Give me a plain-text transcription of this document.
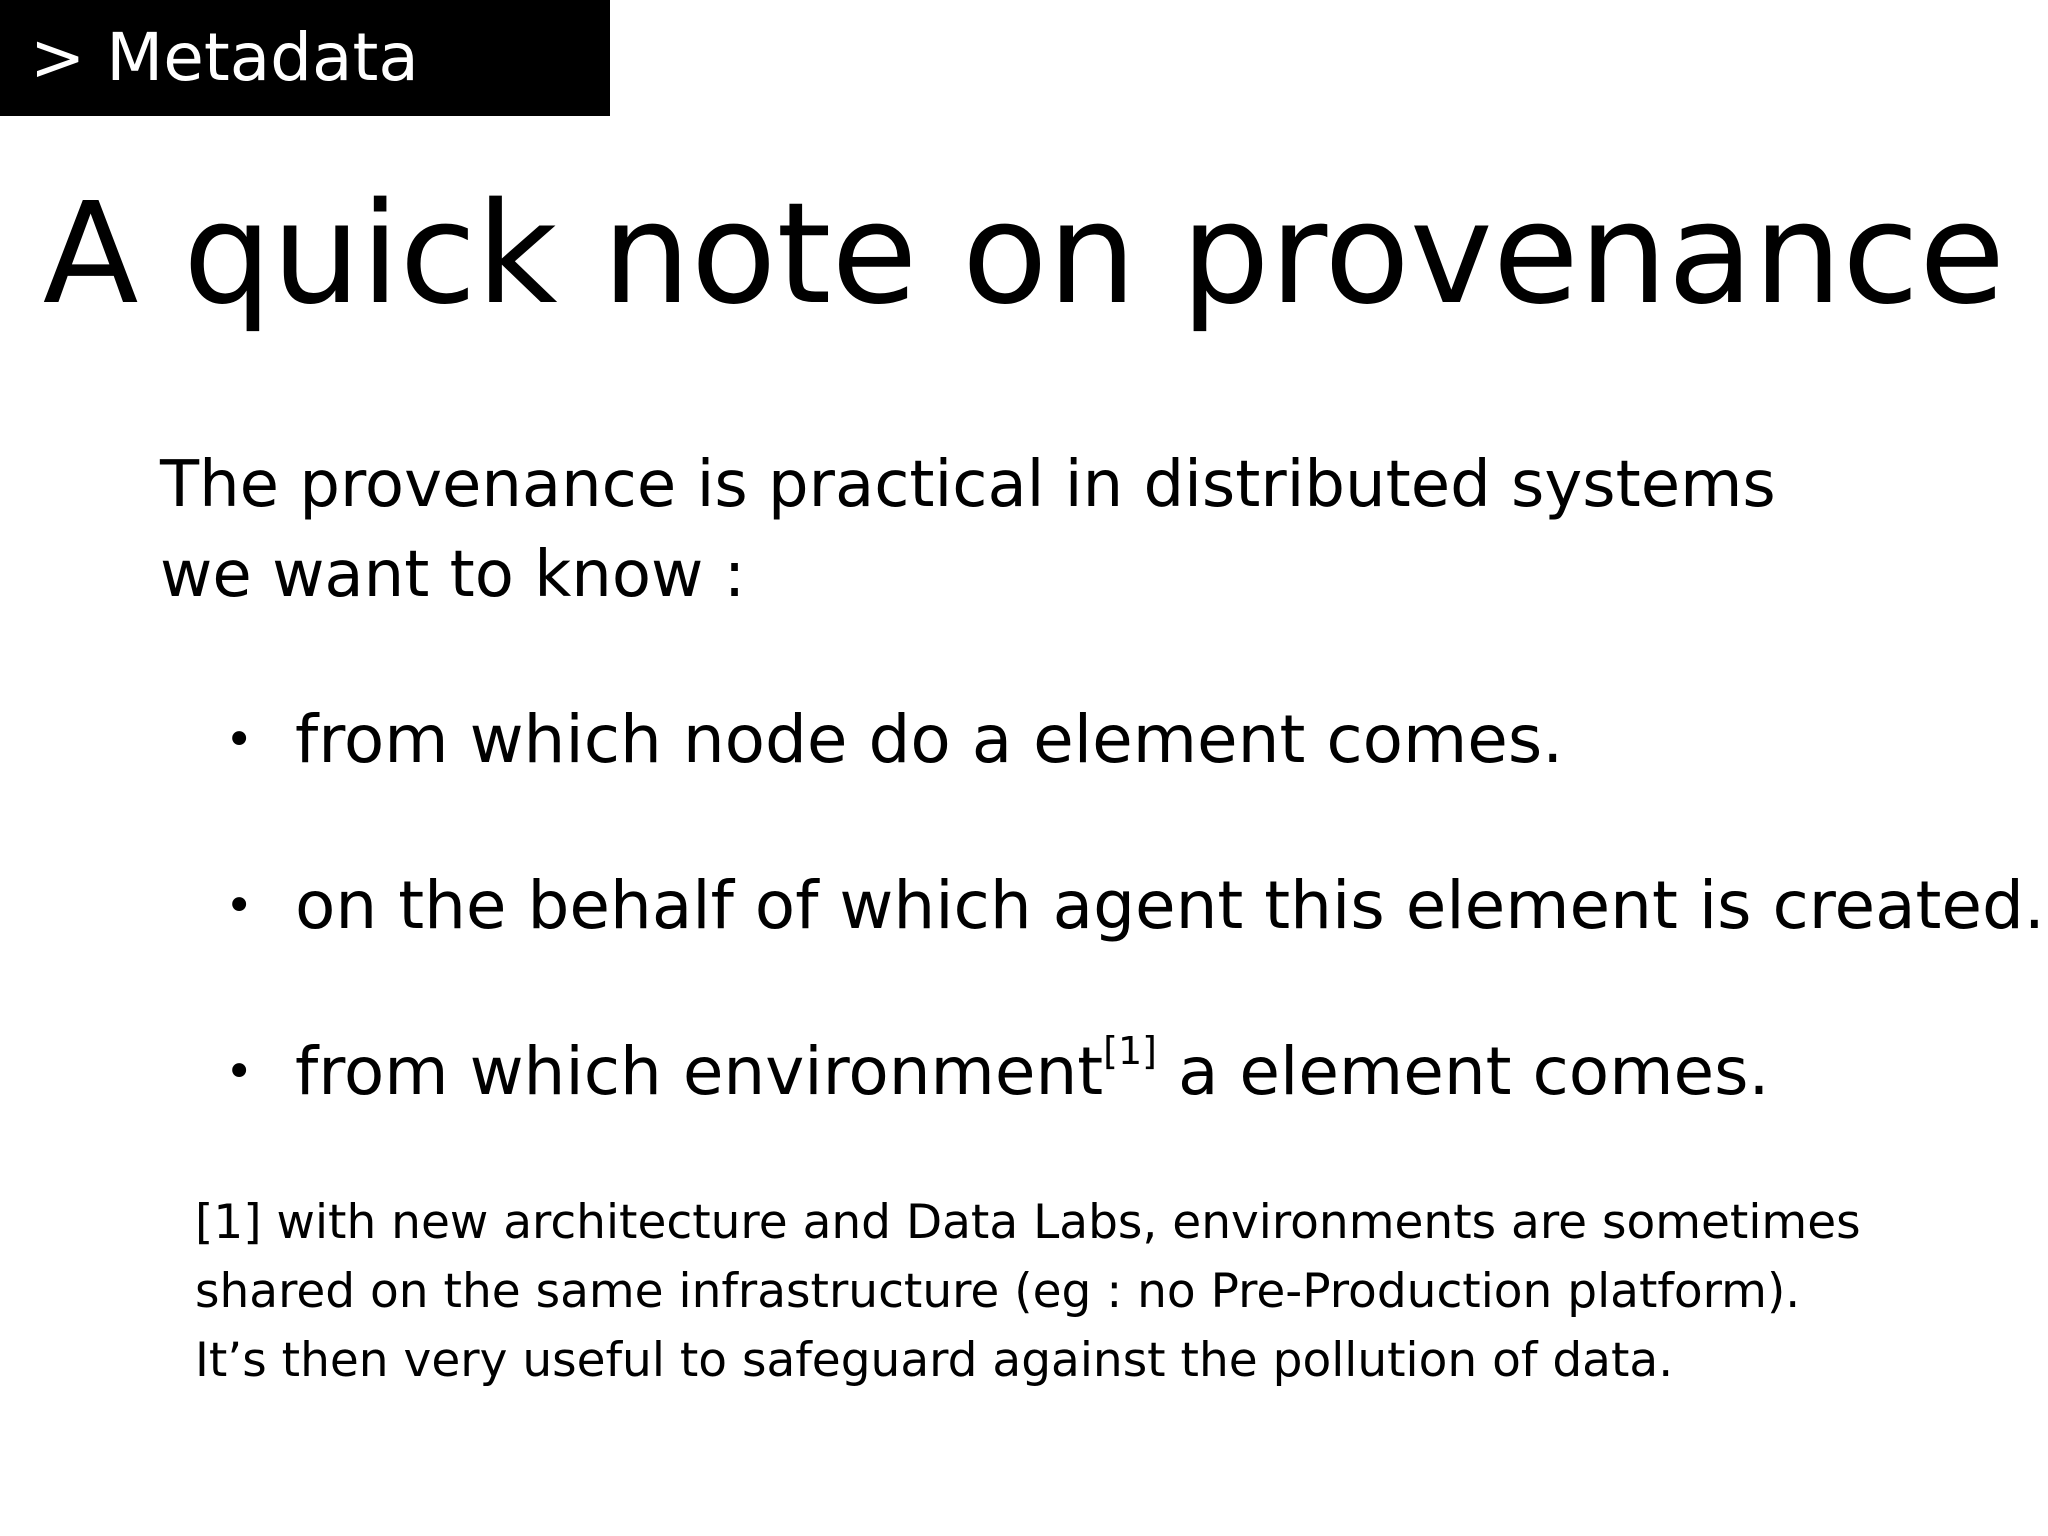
> Metadata
A quick note on provenance
The provenance is practical in distributed systems we want to know :
• from which node do a element comes.
• on the behalf of which agent this element is created.
• from which environment[1] a element comes.
[1] with new architecture and Data Labs, environments are sometimes
shared on the same infrastructure (eg : no Pre-Production platform).
It’s then very useful to safeguard against the pollution of data.
